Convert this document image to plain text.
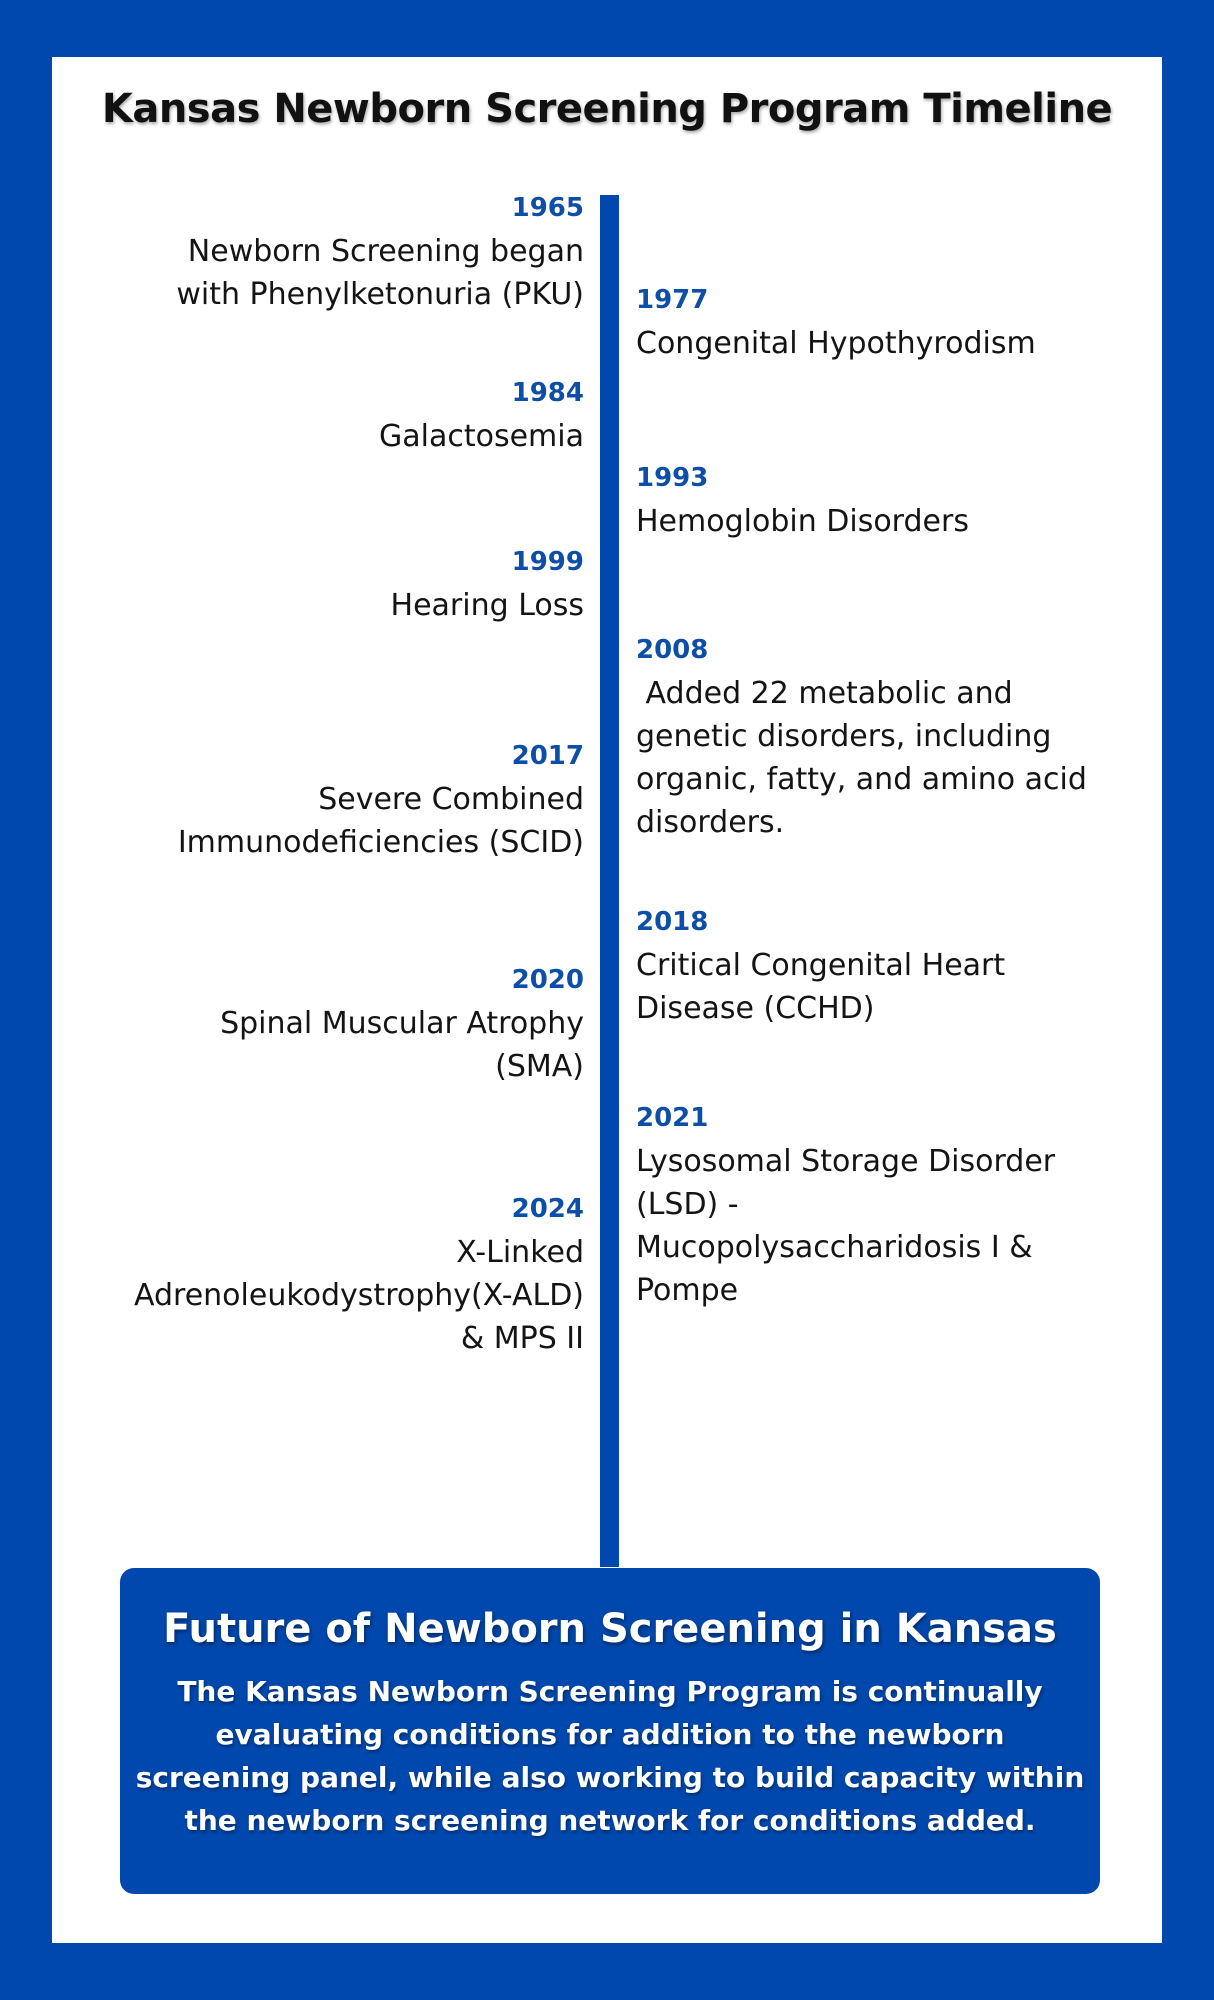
Kansas Newborn Screening Program Timeline
1965
Newborn Screening began
with Phenylketonuria (PKU)
1984
Galactosemia
1999
Hearing Loss
2017
Severe Combined
Immunodeficiencies (SCID)
2020
Spinal Muscular Atrophy
(SMA)
2024
X-Linked
Adrenoleukodystrophy(X-ALD)
& MPS II
1977
Congenital Hypothyrodism
1993
Hemoglobin Disorders
2008
Added 22 metabolic and
genetic disorders, including
organic, fatty, and amino acid
disorders.
2018
Critical Congenital Heart
Disease (CCHD)
2021
Lysosomal Storage Disorder
(LSD) -
Mucopolysaccharidosis I &
Pompe
Future of Newborn Screening in Kansas

The Kansas Newborn Screening Program is continually evaluating conditions for addition to the newborn screening panel, while also working to build capacity within the newborn screening network for conditions added.
